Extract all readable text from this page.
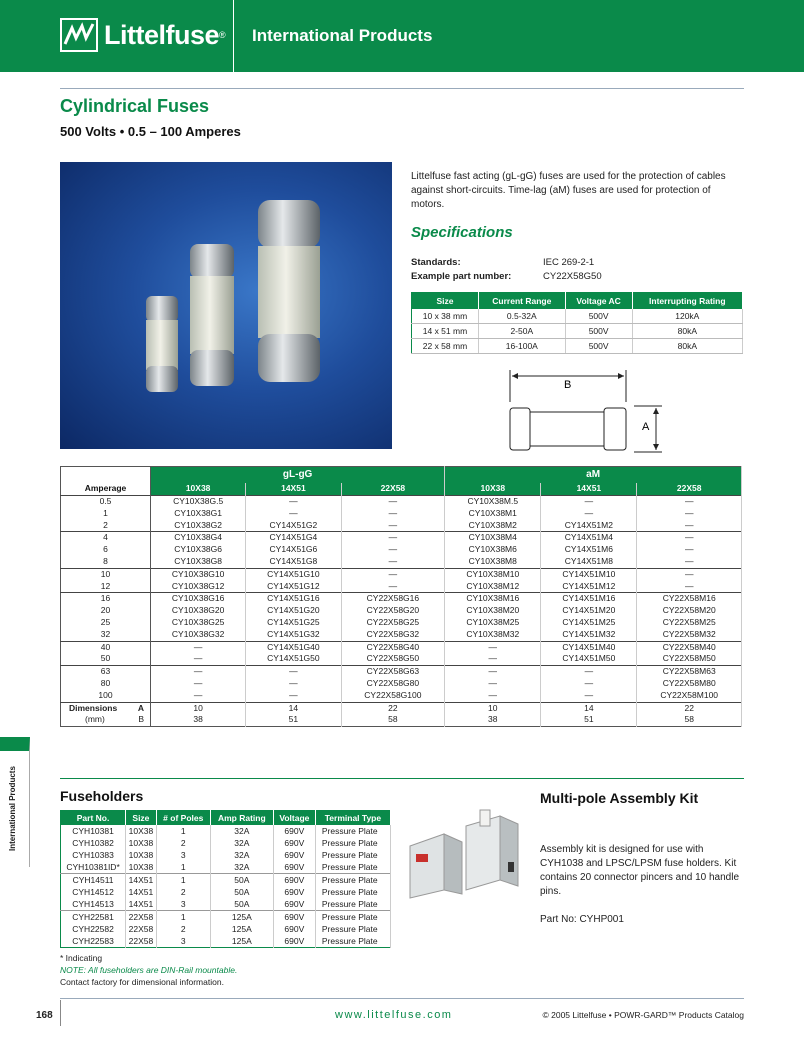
Littelfuse ® International Products
Cylindrical Fuses
500 Volts • 0.5 – 100 Amperes
Littelfuse fast acting (gL-gG) fuses are used for the protection of cables against short-circuits. Time-lag (aM) fuses are used for protection of motors.
Specifications
Standards:	IEC 269-2-1
Example part number:	CY22X58G50
Size	Current Range	Voltage AC	Interrupting Rating
10 x 38 mm	0.5-32A	500V	120kA
14 x 51 mm	2-50A	500V	80kA
22 x 58 mm	16-100A	500V	80kA
B
A
Amperage	gL-gG			aM		
	10X38	14X51	22X58	10X38	14X51	22X58
0.5	CY10X38G.5	—	—	CY10X38M.5	—	—
1	CY10X38G1	—	—	CY10X38M1	—	—
2	CY10X38G2	CY14X51G2	—	CY10X38M2	CY14X51M2	—
4	CY10X38G4	CY14X51G4	—	CY10X38M4	CY14X51M4	—
6	CY10X38G6	CY14X51G6	—	CY10X38M6	CY14X51M6	—
8	CY10X38G8	CY14X51G8	—	CY10X38M8	CY14X51M8	—
10	CY10X38G10	CY14X51G10	—	CY10X38M10	CY14X51M10	—
12	CY10X38G12	CY14X51G12	—	CY10X38M12	CY14X51M12	—
16	CY10X38G16	CY14X51G16	CY22X58G16	CY10X38M16	CY14X51M16	CY22X58M16
20	CY10X38G20	CY14X51G20	CY22X58G20	CY10X38M20	CY14X51M20	CY22X58M20
25	CY10X38G25	CY14X51G25	CY22X58G25	CY10X38M25	CY14X51M25	CY22X58M25
32	CY10X38G32	CY14X51G32	CY22X58G32	CY10X38M32	CY14X51M32	CY22X58M32
40	—	CY14X51G40	CY22X58G40	—	CY14X51M40	CY22X58M40
50	—	CY14X51G50	CY22X58G50	—	CY14X51M50	CY22X58M50
63	—	—	CY22X58G63	—	—	CY22X58M63
80	—	—	CY22X58G80	—	—	CY22X58M80
100	—	—	CY22X58G100	—	—	CY22X58M100
Dimensions A	10	14	22	10	14	22
(mm) B	38	51	58	38	51	58
International Products	Fuseholders
Part No.	Size	# of Poles	Amp Rating	Voltage	Terminal Type
CYH10381	10X38	1	32A	690V	Pressure Plate
CYH10382	10X38	2	32A	690V	Pressure Plate
CYH10383	10X38	3	32A	690V	Pressure Plate
CYH10381ID*	10X38	1	32A	690V	Pressure Plate
CYH14511	14X51	1	50A	690V	Pressure Plate
CYH14512	14X51	2	50A	690V	Pressure Plate
CYH14513	14X51	3	50A	690V	Pressure Plate
CYH22581	22X58	1	125A	690V	Pressure Plate
CYH22582	22X58	2	125A	690V	Pressure Plate
CYH22583	22X58	3	125A	690V	Pressure Plate
* Indicating
NOTE: All fuseholders are DIN-Rail mountable.
Contact factory for dimensional information.
Multi-pole Assembly Kit
Assembly kit is designed for use with CYH1038 and LPSC/LPSM fuse holders. Kit contains 20 connector pincers and 10 handle pins.
Part No: CYHP001
168	www.littelfuse.com	© 2005 Littelfuse • POWR-GARD™ Products Catalog
